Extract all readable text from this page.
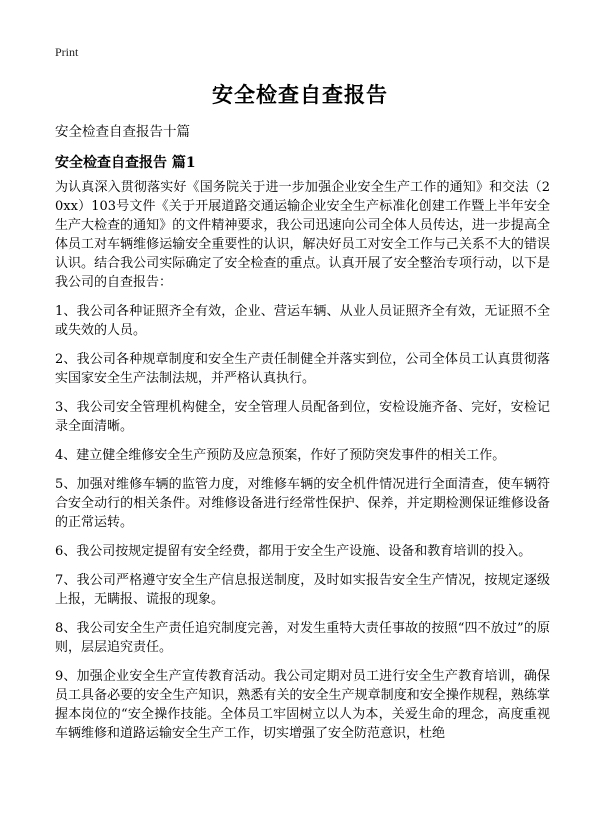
Print
安全检查自查报告
安全检查自查报告十篇
安全检查自查报告 篇1

为认真深入贯彻落实好《国务院关于进一步加强企业安全生产工作的通知》和交法（20xx）103号文件《关于开展道路交通运输企业安全生产标准化创建工作暨上半年安全生产大检查的通知》的文件精神要求，我公司迅速向公司全体人员传达，进一步提高全体员工对车辆维修运输安全重要性的认识，解决好员工对安全工作与己关系不大的错误认识。结合我公司实际确定了安全检查的重点。认真开展了安全整治专项行动，以下是我公司的自查报告：

1、我公司各种证照齐全有效，企业、营运车辆、从业人员证照齐全有效，无证照不全或失效的人员。

2、我公司各种规章制度和安全生产责任制健全并落实到位，公司全体员工认真贯彻落实国家安全生产法制法规，并严格认真执行。

3、我公司安全管理机构健全，安全管理人员配备到位，安检设施齐备、完好，安检记录全面清晰。

4、建立健全维修安全生产预防及应急预案，作好了预防突发事件的相关工作。

5、加强对维修车辆的监管力度，对维修车辆的安全机件情况进行全面清查，使车辆符合安全动行的相关条件。对维修设备进行经常性保护、保养，并定期检测保证维修设备的正常运转。

6、我公司按规定提留有安全经费，都用于安全生产设施、设备和教育培训的投入。

7、我公司严格遵守安全生产信息报送制度，及时如实报告安全生产情况，按规定逐级上报，无瞒报、谎报的现象。

8、我公司安全生产责任追究制度完善，对发生重特大责任事故的按照“四不放过”的原则，层层追究责任。

9、加强企业安全生产宣传教育活动。我公司定期对员工进行安全生产教育培训，确保员工具备必要的安全生产知识，熟悉有关的安全生产规章制度和安全操作规程，熟练掌握本岗位的“安全操作技能。全体员工牢固树立以人为本，关爱生命的理念，高度重视车辆维修和道路运输安全生产工作，切实增强了安全防范意识，杜绝
